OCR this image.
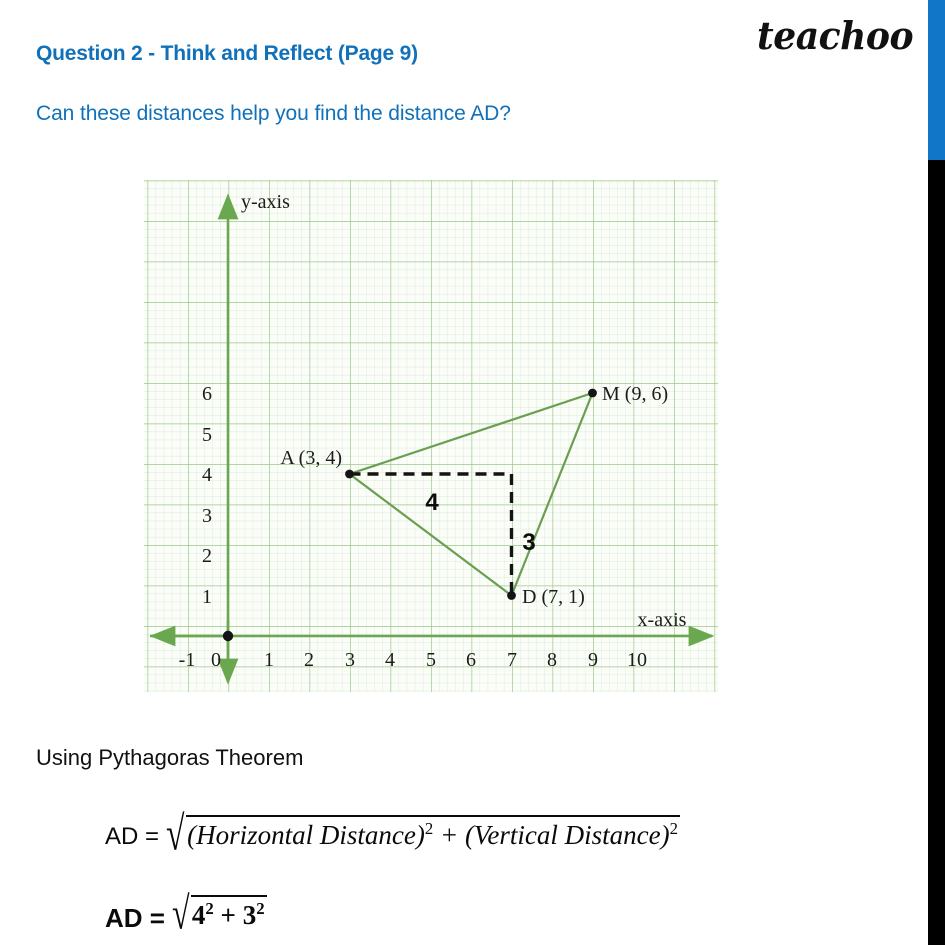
teachoo
Question 2 - Think and Reflect (Page 9)
Can these distances help you find the distance AD?
y-axis
x-axis
-1 0 1 2 3 4 5 6 7 8 9 10
1
2
3
4
5
6
A (3, 4)
M (9, 6)
D (7, 1)
4
3
Using Pythagoras Theorem
AD = √ (Horizontal Distance)$^2$ + (Vertical Distance)$^2$
AD = √ $4^2 + 3^2$
